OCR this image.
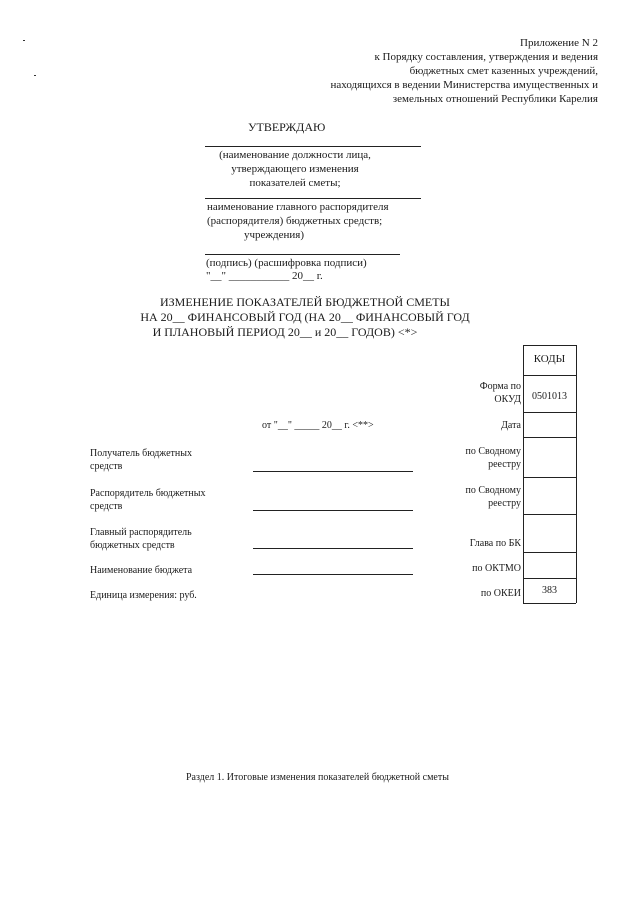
Приложение N 2
к Порядку составления, утверждения и ведения
бюджетных смет казенных учреждений,
находящихся в ведении Министерства имущественных и
земельных отношений Республики Карелия
УТВЕРЖДАЮ
(наименование должности лица,
утверждающего изменения
показателей сметы;
наименование главного распорядителя
(распорядителя) бюджетных средств;
учреждения)
(подпись) (расшифровка подписи)
"__" ___________ 20__ г.
ИЗМЕНЕНИЕ ПОКАЗАТЕЛЕЙ БЮДЖЕТНОЙ СМЕТЫ
НА 20__ ФИНАНСОВЫЙ ГОД (НА 20__ ФИНАНСОВЫЙ ГОД
И ПЛАНОВЫЙ ПЕРИОД 20__ и 20__ ГОДОВ) <*>
КОДЫ
0501013
383
Форма по
ОКУД
Дата
по Сводному
реестру
по Сводному
реестру
Глава по БК
по ОКТМО
по ОКЕИ
от "__" _____ 20__ г. <**>
Получатель бюджетных
средств
Распорядитель бюджетных
средств
Главный распорядитель
бюджетных средств
Наименование бюджета
Единица измерения: руб.
Раздел 1. Итоговые изменения показателей бюджетной сметы
